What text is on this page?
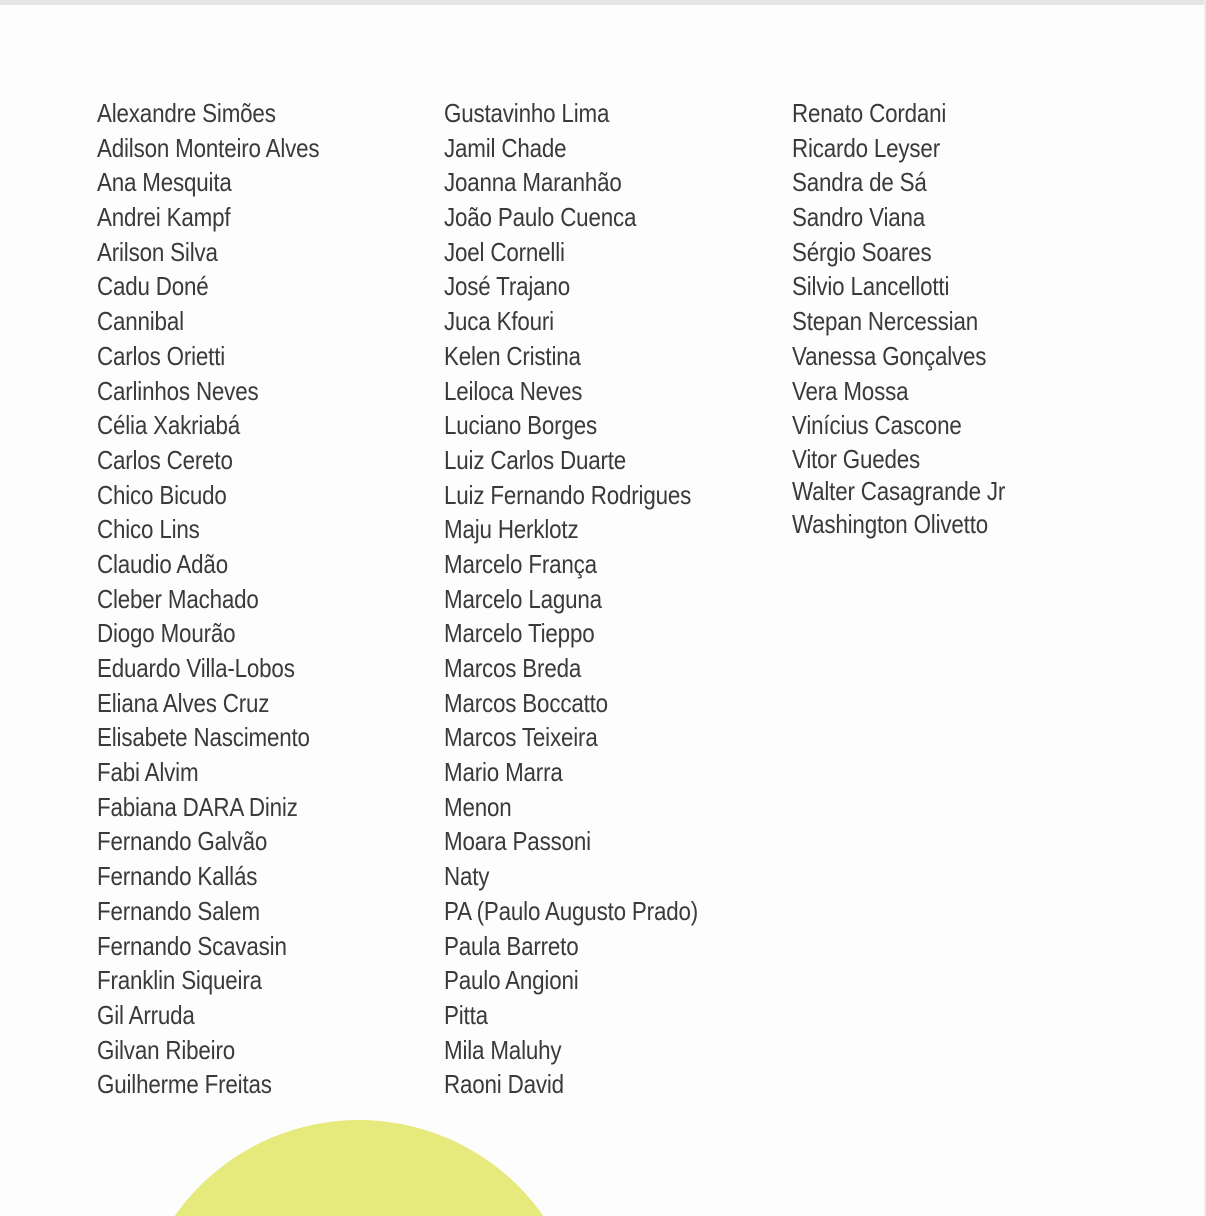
Alexandre Simões
Adilson Monteiro Alves
Ana Mesquita
Andrei Kampf
Arilson Silva
Cadu Doné
Cannibal
Carlos Orietti
Carlinhos Neves
Célia Xakriabá
Carlos Cereto
Chico Bicudo
Chico Lins
Claudio Adão
Cleber Machado
Diogo Mourão
Eduardo Villa-Lobos
Eliana Alves Cruz
Elisabete Nascimento
Fabi Alvim
Fabiana DARA Diniz
Fernando Galvão
Fernando Kallás
Fernando Salem
Fernando Scavasin
Franklin Siqueira
Gil Arruda
Gilvan Ribeiro
Guilherme Freitas
Gustavinho Lima
Jamil Chade
Joanna Maranhão
João Paulo Cuenca
Joel Cornelli
José Trajano
Juca Kfouri
Kelen Cristina
Leiloca Neves
Luciano Borges
Luiz Carlos Duarte
Luiz Fernando Rodrigues
Maju Herklotz
Marcelo França
Marcelo Laguna
Marcelo Tieppo
Marcos Breda
Marcos Boccatto
Marcos Teixeira
Mario Marra
Menon
Moara Passoni
Naty
PA (Paulo Augusto Prado)
Paula Barreto
Paulo Angioni
Pitta
Mila Maluhy
Raoni David
Renato Cordani
Ricardo Leyser
Sandra de Sá
Sandro Viana
Sérgio Soares
Silvio Lancellotti
Stepan Nercessian
Vanessa Gonçalves
Vera Mossa
Vinícius Cascone
Vitor Guedes
Walter Casagrande Jr
Washington Olivetto
